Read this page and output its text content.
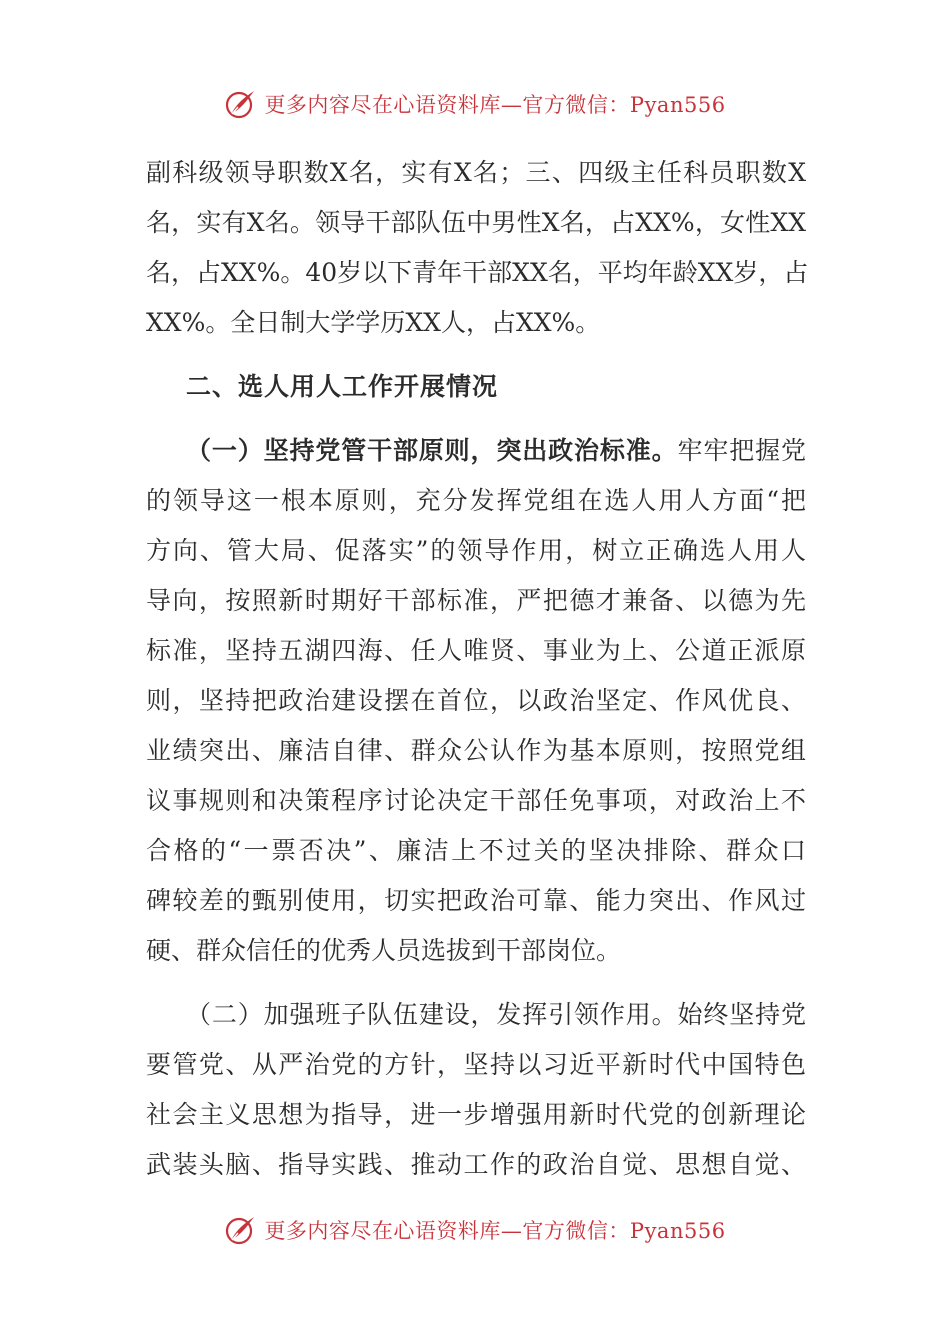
更多内容尽在心语资料库—官方微信：Pyan556
副科级领导职数X名，实有X名；三、四级主任科员职数X
名，实有X名。领导干部队伍中男性X名，占XX%，女性XX
名，占XX%。40岁以下青年干部XX名，平均年龄XX岁，占
XX%。全日制大学学历XX人，占XX%。
二、选人用人工作开展情况
（一）坚持党管干部原则，突出政治标准。牢牢把握党
的领导这一根本原则，充分发挥党组在选人用人方面“把
方向、管大局、促落实”的领导作用，树立正确选人用人
导向，按照新时期好干部标准，严把德才兼备、以德为先
标准，坚持五湖四海、任人唯贤、事业为上、公道正派原
则，坚持把政治建设摆在首位，以政治坚定、作风优良、
业绩突出、廉洁自律、群众公认作为基本原则，按照党组
议事规则和决策程序讨论决定干部任免事项，对政治上不
合格的“一票否决”、廉洁上不过关的坚决排除、群众口
碑较差的甄别使用，切实把政治可靠、能力突出、作风过
硬、群众信任的优秀人员选拔到干部岗位。
（二）加强班子队伍建设，发挥引领作用。始终坚持党
要管党、从严治党的方针，坚持以习近平新时代中国特色
社会主义思想为指导，进一步增强用新时代党的创新理论
武装头脑、指导实践、推动工作的政治自觉、思想自觉、
更多内容尽在心语资料库—官方微信：Pyan556
